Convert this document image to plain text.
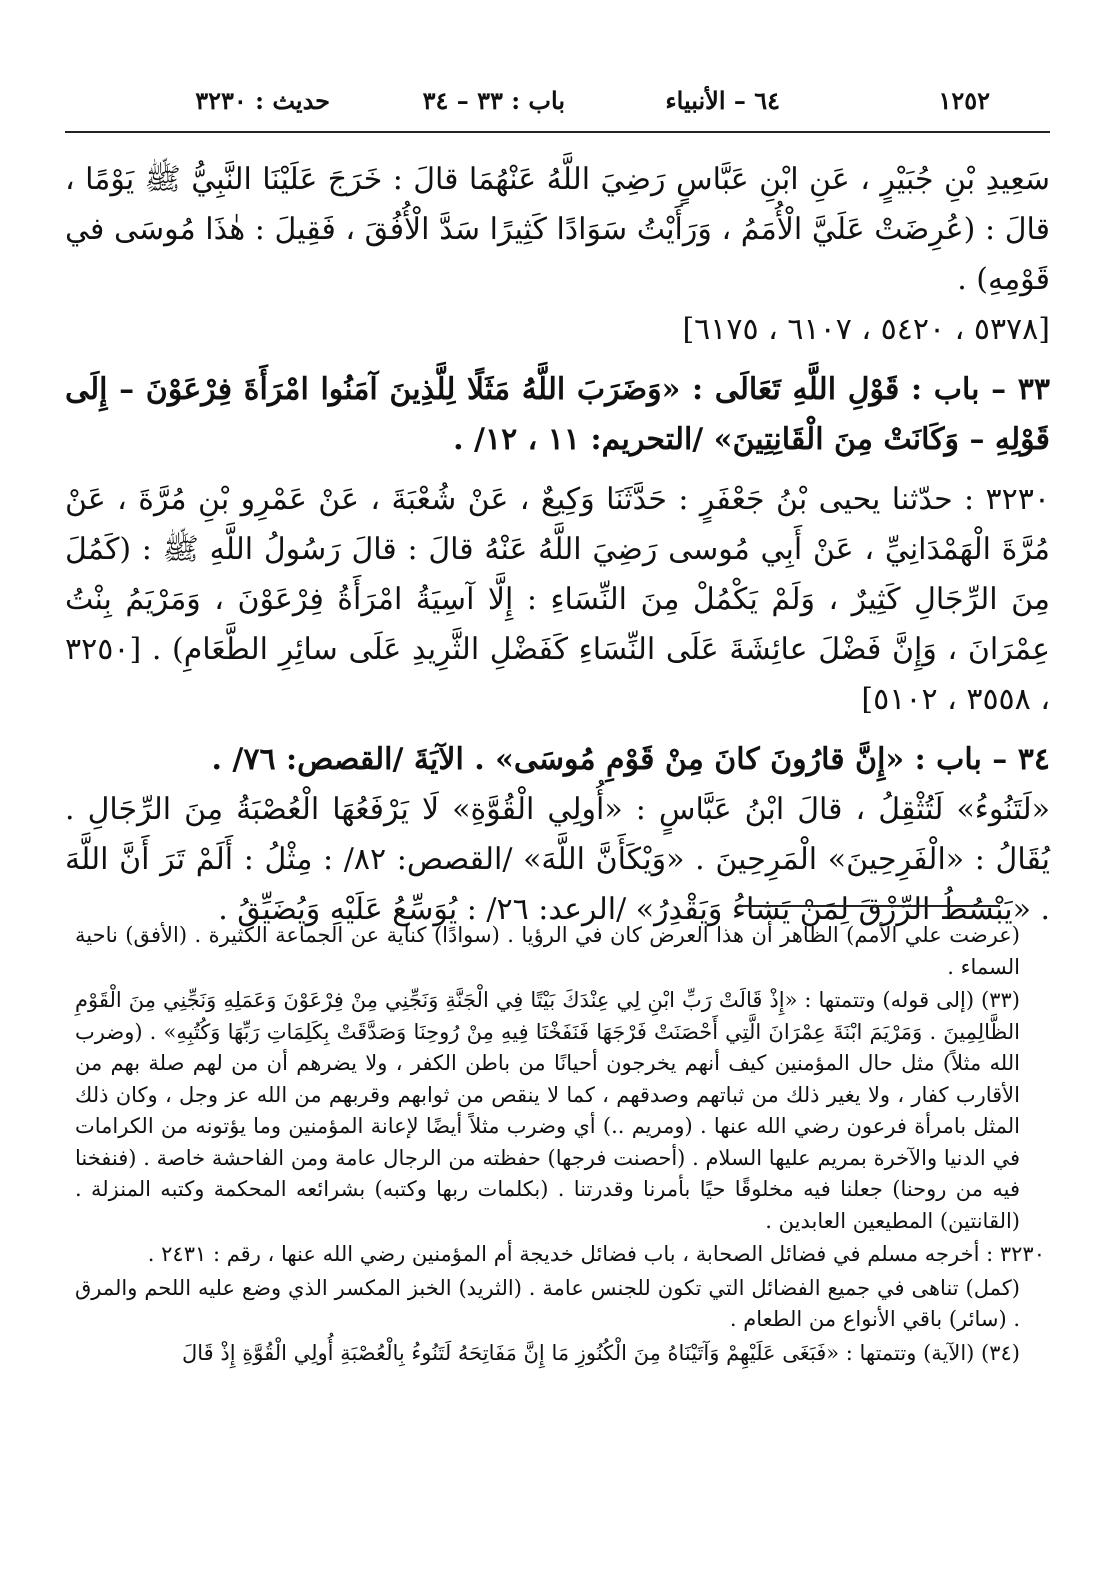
١٢٥٢
٦٤ – الأنبياء
باب : ٣٣ – ٣٤
حديث : ٣٢٣٠

سَعِيدِ بْنِ جُبَيْرٍ ، عَنِ ابْنِ عَبَّاسٍ رَضِيَ اللَّهُ عَنْهُمَا قالَ : خَرَجَ عَلَيْنَا النَّبِيُّ ﷺ يَوْمًا ، قالَ : (عُرِضَتْ عَلَيَّ الْأُمَمُ ، وَرَأَيْتُ سَوَادًا كَثِيرًا سَدَّ الْأُفُقَ ، فَقِيلَ : هٰذَا مُوسَى في قَوْمِهِ) .

[٥٣٧٨ ، ٥٤٢٠ ، ٦١٠٧ ، ٦١٧٥]

٣٣ – باب : قَوْلِ اللَّهِ تَعَالَى : «وَضَرَبَ اللَّهُ مَثَلًا لِلَّذِينَ آمَنُوا امْرَأَةَ فِرْعَوْنَ – إِلَى قَوْلِهِ – وَكَانَتْ مِنَ الْقَانِتِينَ» /التحريم: ١١ ، ١٢/ .

٣٢٣٠ : حدّثنا يحيى بْنُ جَعْفَرٍ : حَدَّثَنَا وَكِيعٌ ، عَنْ شُعْبَةَ ، عَنْ عَمْرِو بْنِ مُرَّةَ ، عَنْ مُرَّةَ الْهَمْدَانِيِّ ، عَنْ أَبِي مُوسى رَضِيَ اللَّهُ عَنْهُ قالَ : قالَ رَسُولُ اللَّهِ ﷺ : (كَمُلَ مِنَ الرِّجَالِ كَثِيرٌ ، وَلَمْ يَكْمُلْ مِنَ النِّسَاءِ : إِلَّا آسِيَةُ امْرَأَةُ فِرْعَوْنَ ، وَمَرْيَمُ بِنْتُ عِمْرَانَ ، وَإِنَّ فَضْلَ عائِشَةَ عَلَى النِّسَاءِ كَفَضْلِ الثَّرِيدِ عَلَى سائِرِ الطَّعَامِ) . [٣٢٥٠ ، ٣٥٥٨ ، ٥١٠٢]

٣٤ – باب : «إِنَّ قارُونَ كانَ مِنْ قَوْمِ مُوسَى» . الآيَةَ /القصص: ٧٦/ .

«لَتَنُوءُ» لَتُثْقِلُ ، قالَ ابْنُ عَبَّاسٍ : «أُولِي الْقُوَّةِ» لَا يَرْفَعُهَا الْعُصْبَةُ مِنَ الرِّجَالِ . يُقَالُ : «الْفَرِحِينَ» الْمَرِحِينَ . «وَيْكَأَنَّ اللَّهَ» /القصص: ٨٢/ : مِثْلُ : أَلَمْ تَرَ أَنَّ اللَّهَ . «يَبْسُطُ الرِّزْقَ لِمَنْ يَشاءُ وَيَقْدِرُ» /الرعد: ٢٦/ : يُوَسِّعُ عَلَيْهِ وَيُضَيِّقُ .

(عرضت علي الأمم) الظاهر أن هذا العرض كان في الرؤيا . (سوادًا) كناية عن الجماعة الكثيرة . (الأفق) ناحية السماء .

(٣٣) (إلى قوله) وتتمتها : «إِذْ قَالَتْ رَبِّ ابْنِ لِي عِنْدَكَ بَيْتًا فِي الْجَنَّةِ وَنَجِّنِي مِنْ فِرْعَوْنَ وَعَمَلِهِ وَنَجِّنِي مِنَ الْقَوْمِ الظَّالِمِينَ . وَمَرْيَمَ ابْنَةَ عِمْرَانَ الَّتِي أَحْصَنَتْ فَرْجَهَا فَنَفَخْنَا فِيهِ مِنْ رُوحِنَا وَصَدَّقَتْ بِكَلِمَاتِ رَبِّهَا وَكُتُبِهِ» . (وضرب الله مثلاً) مثل حال المؤمنين كيف أنهم يخرجون أحيانًا من باطن الكفر ، ولا يضرهم أن من لهم صلة بهم من الأقارب كفار ، ولا يغير ذلك من ثباتهم وصدقهم ، كما لا ينقص من ثوابهم وقربهم من الله عز وجل ، وكان ذلك المثل بامرأة فرعون رضي الله عنها . (ومريم ..) أي وضرب مثلاً أيضًا لإعانة المؤمنين وما يؤتونه من الكرامات في الدنيا والآخرة بمريم عليها السلام . (أحصنت فرجها) حفظته من الرجال عامة ومن الفاحشة خاصة . (فنفخنا فيه من روحنا) جعلنا فيه مخلوقًا حيًا بأمرنا وقدرتنا . (بكلمات ربها وكتبه) بشرائعه المحكمة وكتبه المنزلة . (القانتين) المطيعين العابدين .

٣٢٣٠ : أخرجه مسلم في فضائل الصحابة ، باب فضائل خديجة أم المؤمنين رضي الله عنها ، رقم : ٢٤٣١ .

(كمل) تناهى في جميع الفضائل التي تكون للجنس عامة . (الثريد) الخبز المكسر الذي وضع عليه اللحم والمرق . (سائر) باقي الأنواع من الطعام .

(٣٤) (الآية) وتتمتها : «فَبَغَى عَلَيْهِمْ وَآتَيْنَاهُ مِنَ الْكُنُوزِ مَا إِنَّ مَفَاتِحَهُ لَتَنُوءُ بِالْعُصْبَةِ أُولِي الْقُوَّةِ إِذْ قَالَ
